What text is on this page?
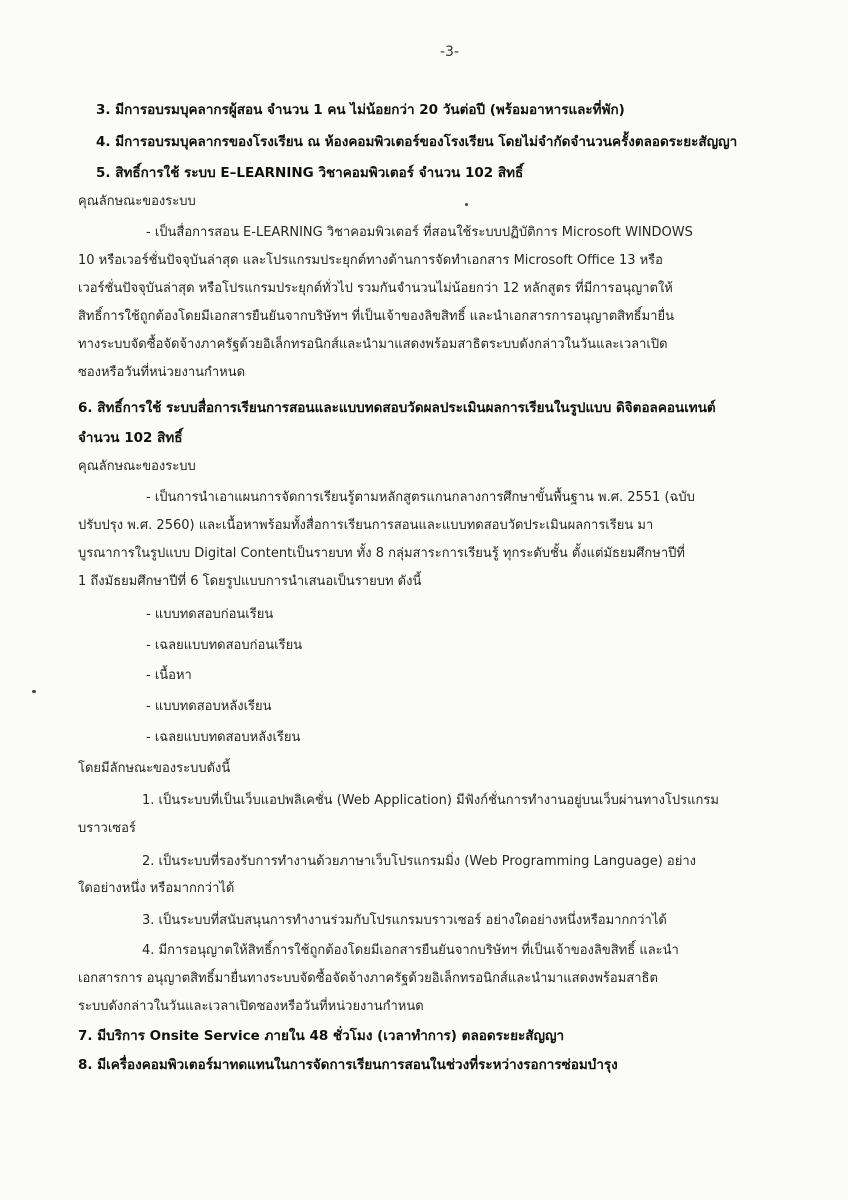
-3-
3. มีการอบรมบุคลากรผู้สอน จำนวน 1 คน ไม่น้อยกว่า 20 วันต่อปี (พร้อมอาหารและที่พัก)
4. มีการอบรมบุคลากรของโรงเรียน ณ ห้องคอมพิวเตอร์ของโรงเรียน โดยไม่จำกัดจำนวนครั้งตลอดระยะสัญญา
5. สิทธิ์การใช้ ระบบ E–LEARNING วิชาคอมพิวเตอร์ จำนวน 102 สิทธิ์
คุณลักษณะของระบบ
- เป็นสื่อการสอน E-LEARNING วิชาคอมพิวเตอร์ ที่สอนใช้ระบบปฏิบัติการ Microsoft WINDOWS
10 หรือเวอร์ชั่นปัจจุบันล่าสุด และโปรแกรมประยุกต์ทางด้านการจัดทำเอกสาร Microsoft Office 13 หรือ
เวอร์ชั่นปัจจุบันล่าสุด หรือโปรแกรมประยุกต์ทั่วไป รวมกันจำนวนไม่น้อยกว่า 12 หลักสูตร ที่มีการอนุญาตให้
สิทธิ์การใช้ถูกต้องโดยมีเอกสารยืนยันจากบริษัทฯ ที่เป็นเจ้าของลิขสิทธิ์ และนำเอกสารการอนุญาตสิทธิ์มายื่น
ทางระบบจัดซื้อจัดจ้างภาครัฐด้วยอิเล็กทรอนิกส์และนำมาแสดงพร้อมสาธิตระบบดังกล่าวในวันและเวลาเปิด
ซองหรือวันที่หน่วยงานกำหนด
6. สิทธิ์การใช้ ระบบสื่อการเรียนการสอนและแบบทดสอบวัดผลประเมินผลการเรียนในรูปแบบ ดิจิตอลคอนเทนต์
จำนวน 102 สิทธิ์
คุณลักษณะของระบบ
- เป็นการนำเอาแผนการจัดการเรียนรู้ตามหลักสูตรแกนกลางการศึกษาขั้นพื้นฐาน พ.ศ. 2551 (ฉบับ
ปรับปรุง พ.ศ. 2560) และเนื้อหาพร้อมทั้งสื่อการเรียนการสอนและแบบทดสอบวัดประเมินผลการเรียน มา
บูรณาการในรูปแบบ Digital Contentเป็นรายบท ทั้ง 8 กลุ่มสาระการเรียนรู้ ทุกระดับชั้น ตั้งแต่มัธยมศึกษาปีที่
1 ถึงมัธยมศึกษาปีที่ 6 โดยรูปแบบการนำเสนอเป็นรายบท ดังนี้
- แบบทดสอบก่อนเรียน
- เฉลยแบบทดสอบก่อนเรียน
- เนื้อหา
- แบบทดสอบหลังเรียน
- เฉลยแบบทดสอบหลังเรียน
โดยมีลักษณะของระบบดังนี้
1. เป็นระบบที่เป็นเว็บแอปพลิเคชั่น (Web Application) มีฟังก์ชั่นการทำงานอยู่บนเว็บผ่านทางโปรแกรม
บราวเซอร์
2. เป็นระบบที่รองรับการทำงานด้วยภาษาเว็บโปรแกรมมิ่ง (Web Programming Language) อย่าง
ใดอย่างหนึ่ง หรือมากกว่าได้
3. เป็นระบบที่สนับสนุนการทำงานร่วมกับโปรแกรมบราวเซอร์ อย่างใดอย่างหนึ่งหรือมากกว่าได้
4. มีการอนุญาตให้สิทธิ์การใช้ถูกต้องโดยมีเอกสารยืนยันจากบริษัทฯ ที่เป็นเจ้าของลิขสิทธิ์ และนำ
เอกสารการ อนุญาตสิทธิ์มายื่นทางระบบจัดซื้อจัดจ้างภาครัฐด้วยอิเล็กทรอนิกส์และนำมาแสดงพร้อมสาธิต
ระบบดังกล่าวในวันและเวลาเปิดซองหรือวันที่หน่วยงานกำหนด
7. มีบริการ Onsite Service ภายใน 48 ชั่วโมง (เวลาทำการ) ตลอดระยะสัญญา
8. มีเครื่องคอมพิวเตอร์มาทดแทนในการจัดการเรียนการสอนในช่วงที่ระหว่างรอการซ่อมบำรุง
